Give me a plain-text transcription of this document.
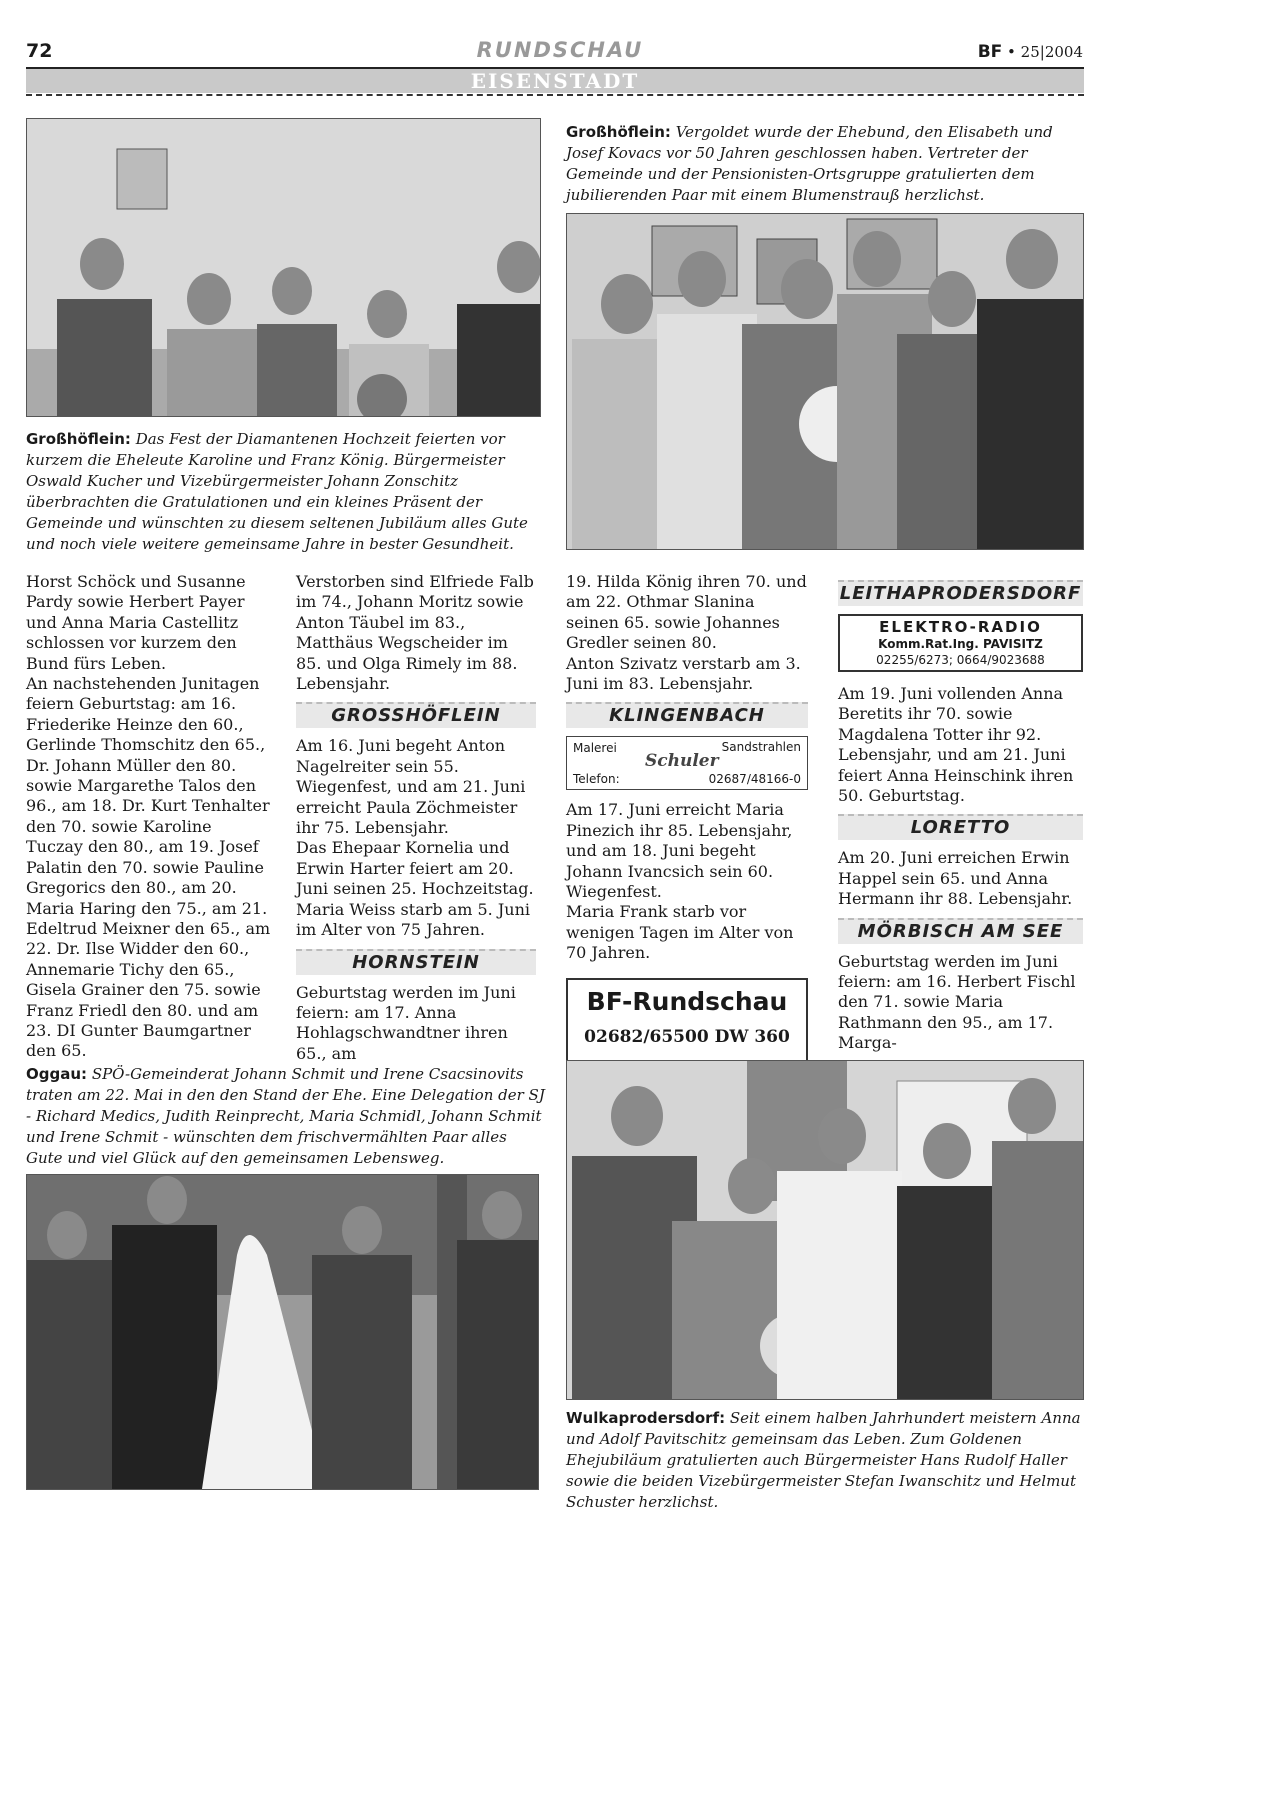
72	RUNDSCHAU	BF • 25|2004
EISENSTADT
Großhöflein: Vergoldet wurde der Ehebund, den Elisabeth und Josef Kovacs vor 50 Jahren geschlossen haben. Vertreter der Gemeinde und der Pensionisten-Ortsgruppe gratulierten dem jubilierenden Paar mit einem Blumenstrauß herzlichst.
Großhöflein: Das Fest der Diamantenen Hochzeit feierten vor kurzem die Eheleute Karoline und Franz König. Bürgermeister Oswald Kucher und Vizebürgermeister Johann Zonschitz überbrachten die Gratulationen und ein kleines Präsent der Gemeinde und wünschten zu diesem seltenen Jubiläum alles Gute und noch viele weitere gemeinsame Jahre in bester Gesundheit.

Horst Schöck und Susanne Pardy sowie Herbert Payer und Anna Maria Castellitz schlossen vor kurzem den Bund fürs Leben.

An nachstehenden Junitagen feiern Geburtstag: am 16. Friederike Heinze den 60., Gerlinde Thomschitz den 65., Dr. Johann Müller den 80. sowie Margarethe Talos den 96., am 18. Dr. Kurt Tenhalter den 70. sowie Karoline Tuczay den 80., am 19. Josef Palatin den 70. sowie Pauline Gregorics den 80., am 20. Maria Haring den 75., am 21. Edeltrud Meixner den 65., am 22. Dr. Ilse Widder den 60., Annemarie Tichy den 65., Gisela Grainer den 75. sowie Franz Friedl den 80. und am 23. DI Gunter Baumgartner den 65.

Verstorben sind Elfriede Falb im 74., Johann Moritz sowie Anton Täubel im 83., Matthäus Wegscheider im 85. und Olga Rimely im 88. Lebensjahr.

GROSSHÖFLEIN

Am 16. Juni begeht Anton Nagelreiter sein 55. Wiegenfest, und am 21. Juni erreicht Paula Zöchmeister ihr 75. Lebensjahr.

Das Ehepaar Kornelia und Erwin Harter feiert am 20. Juni seinen 25. Hochzeitstag.

Maria Weiss starb am 5. Juni im Alter von 75 Jahren.

HORNSTEIN

Geburtstag werden im Juni feiern: am 17. Anna Hohlagschwandtner ihren 65., am

19. Hilda König ihren 70. und am 22. Othmar Slanina seinen 65. sowie Johannes Gredler seinen 80.

Anton Szivatz verstarb am 3. Juni im 83. Lebensjahr.

KLINGENBACH
Malerei	Sandstrahlen
Schuler
Telefon:	02687/48166-0

Am 17. Juni erreicht Maria Pinezich ihr 85. Lebensjahr, und am 18. Juni begeht Johann Ivancsich sein 60. Wiegenfest.

Maria Frank starb vor wenigen Tagen im Alter von 70 Jahren.

BF-Rundschau
02682/65500 DW 360
LEITHAPRODERSDORF
ELEKTRO-RADIO
Komm.Rat.Ing. PAVISITZ
02255/6273; 0664/9023688

Am 19. Juni vollenden Anna Beretits ihr 70. sowie Magdalena Totter ihr 92. Lebensjahr, und am 21. Juni feiert Anna Heinschink ihren 50. Geburtstag.

LORETTO

Am 20. Juni erreichen Erwin Happel sein 65. und Anna Hermann ihr 88. Lebensjahr.

MÖRBISCH AM SEE

Geburtstag werden im Juni feiern: am 16. Herbert Fischl den 71. sowie Maria Rathmann den 95., am 17. Marga-

Oggau: SPÖ-Gemeinderat Johann Schmit und Irene Csacsinovits traten am 22. Mai in den den Stand der Ehe. Eine Delegation der SJ - Richard Medics, Judith Reinprecht, Maria Schmidl, Johann Schmit und Irene Schmit - wünschten dem frischvermählten Paar alles Gute und viel Glück auf den gemeinsamen Lebensweg.
Wulkaprodersdorf: Seit einem halben Jahrhundert meistern Anna und Adolf Pavitschitz gemeinsam das Leben. Zum Goldenen Ehejubiläum gratulierten auch Bürgermeister Hans Rudolf Haller sowie die beiden Vizebürgermeister Stefan Iwanschitz und Helmut Schuster herzlichst.
